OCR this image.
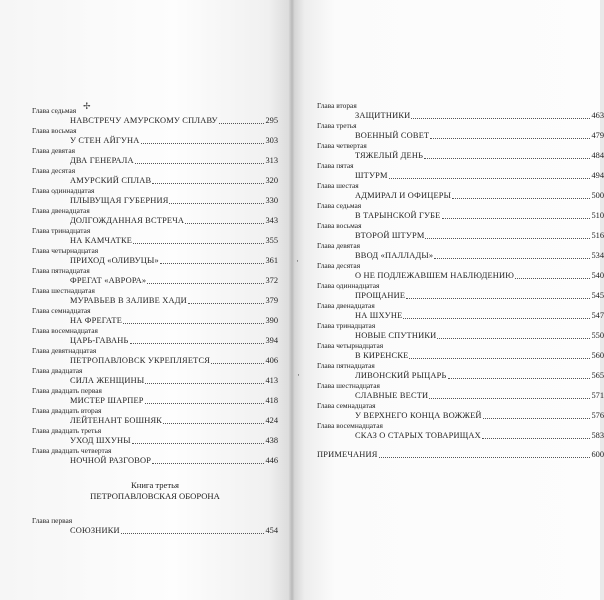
✢
·
·
Глава седьмая
НАВСТРЕЧУ АМУРСКОМУ СПЛАВУ	295
Глава восьмая
У СТЕН АЙГУНА	303
Глава девятая
ДВА ГЕНЕРАЛА	313
Глава десятая
АМУРСКИЙ СПЛАВ	320
Глава одиннадцатая
ПЛЫВУЩАЯ ГУБЕРНИЯ	330
Глава двенадцатая
ДОЛГОЖДАННАЯ ВСТРЕЧА	343
Глава тринадцатая
НА КАМЧАТКЕ	355
Глава четырнадцатая
ПРИХОД «ОЛИВУЦЫ»	361
Глава пятнадцатая
ФРЕГАТ «АВРОРА»	372
Глава шестнадцатая
МУРАВЬЕВ В ЗАЛИВЕ ХАДИ	379
Глава семнадцатая
НА ФРЕГАТЕ	390
Глава восемнадцатая
ЦАРЬ-ГАВАНЬ	394
Глава девятнадцатая
ПЕТРОПАВЛОВСК УКРЕПЛЯЕТСЯ	406
Глава двадцатая
СИЛА ЖЕНЩИНЫ	413
Глава двадцать первая
МИСТЕР ШАРПЕР	418
Глава двадцать вторая
ЛЕЙТЕНАНТ БОШНЯК	424
Глава двадцать третья
УХОД ШХУНЫ	438
Глава двадцать четвертая
НОЧНОЙ РАЗГОВОР	446
Книга третья
ПЕТРОПАВЛОВСКАЯ ОБОРОНА
Глава первая
СОЮЗНИКИ	454
Глава вторая
ЗАЩИТНИКИ	463
Глава третья
ВОЕННЫЙ СОВЕТ	479
Глава четвертая
ТЯЖЕЛЫЙ ДЕНЬ	484
Глава пятая
ШТУРМ	494
Глава шестая
АДМИРАЛ И ОФИЦЕРЫ	500
Глава седьмая
В ТАРЫНСКОЙ ГУБЕ	510
Глава восьмая
ВТОРОЙ ШТУРМ	516
Глава девятая
ВВОД «ПАЛЛАДЫ»	534
Глава десятая
О НЕ ПОДЛЕЖАВШЕМ НАБЛЮДЕНИЮ	540
Глава одиннадцатая
ПРОЩАНИЕ	545
Глава двенадцатая
НА ШХУНЕ	547
Глава тринадцатая
НОВЫЕ СПУТНИКИ	550
Глава четырнадцатая
В КИРЕНСКЕ	560
Глава пятнадцатая
ЛИВОНСКИЙ РЫЦАРЬ	565
Глава шестнадцатая
СЛАВНЫЕ ВЕСТИ	571
Глава семнадцатая
У ВЕРХНЕГО КОНЦА ВОЖЖЕЙ	576
Глава восемнадцатая
СКАЗ О СТАРЫХ ТОВАРИЩАХ	583
ПРИМЕЧАНИЯ	600
